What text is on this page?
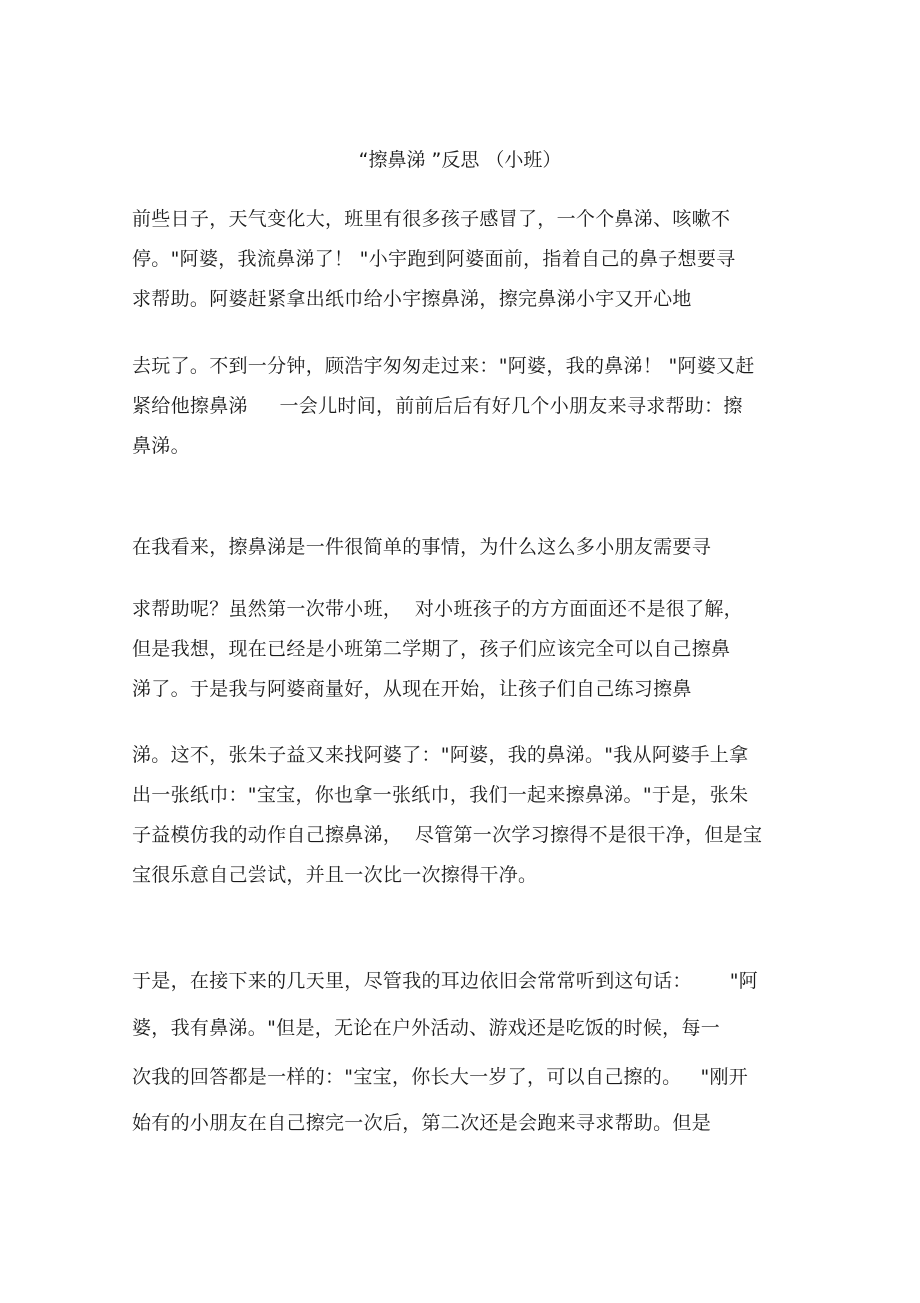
“擦鼻涕 ”反思 （小班）
前些日子，天气变化大，班里有很多孩子感冒了，一个个鼻涕、咳嗽不
停。"阿婆，我流鼻涕了！ "小宇跑到阿婆面前，指着自己的鼻子想要寻
求帮助。阿婆赶紧拿出纸巾给小宇擦鼻涕，擦完鼻涕小宇又开心地
去玩了。不到一分钟，顾浩宇匆匆走过来："阿婆，我的鼻涕！ "阿婆又赶
紧给他擦鼻涕     一会儿时间，前前后后有好几个小朋友来寻求帮助：擦
鼻涕。
在我看来，擦鼻涕是一件很简单的事情，为什么这么多小朋友需要寻
求帮助呢？虽然第一次带小班，  对小班孩子的方方面面还不是很了解，
但是我想，现在已经是小班第二学期了，孩子们应该完全可以自己擦鼻
涕了。于是我与阿婆商量好，从现在开始，让孩子们自己练习擦鼻
涕。这不，张朱子益又来找阿婆了："阿婆，我的鼻涕。"我从阿婆手上拿
出一张纸巾："宝宝，你也拿一张纸巾，我们一起来擦鼻涕。"于是，张朱
子益模仿我的动作自己擦鼻涕，  尽管第一次学习擦得不是很干净，但是宝
宝很乐意自己尝试，并且一次比一次擦得干净。
于是，在接下来的几天里，尽管我的耳边依旧会常常听到这句话：      "阿
婆，我有鼻涕。"但是，无论在户外活动、游戏还是吃饭的时候，每一
次我的回答都是一样的："宝宝，你长大一岁了，可以自己擦的。   "刚开
始有的小朋友在自己擦完一次后，第二次还是会跑来寻求帮助。但是
